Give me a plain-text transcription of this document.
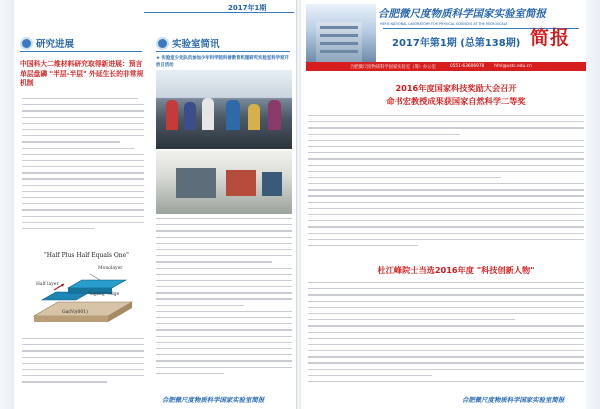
2017年1期
研究进展
中国科大二维材料研究取得新进展：预言单层盘磷 "半层-半层" 外延生长的非常规机制
"Half Plus Half Equals One"
Half layer
Monolayer
"zigzag" edge
Ga(N)(001)
实验室简讯
★ 实验室少先队员参加少年科学院科普教育机理研究实验室科学家开放日活动
合肥微尺度物质科学国家实验室简报
合肥微尺度物质科学国家实验室简报
HEFEI NATIONAL LABORATORY FOR PHYSICAL SCIENCES AT THE MICROSCALE
2017年第1期 (总第138期) 简报
合肥微尺度物质科学国家实验室（筹）办公室	0551-63606978 hfnl@ustc.edu.cn
2016年度国家科技奖励大会召开
命书宏教授成果获国家自然科学二等奖
杜江峰院士当选2016年度 "科技创新人物"
合肥微尺度物质科学国家实验室简报
